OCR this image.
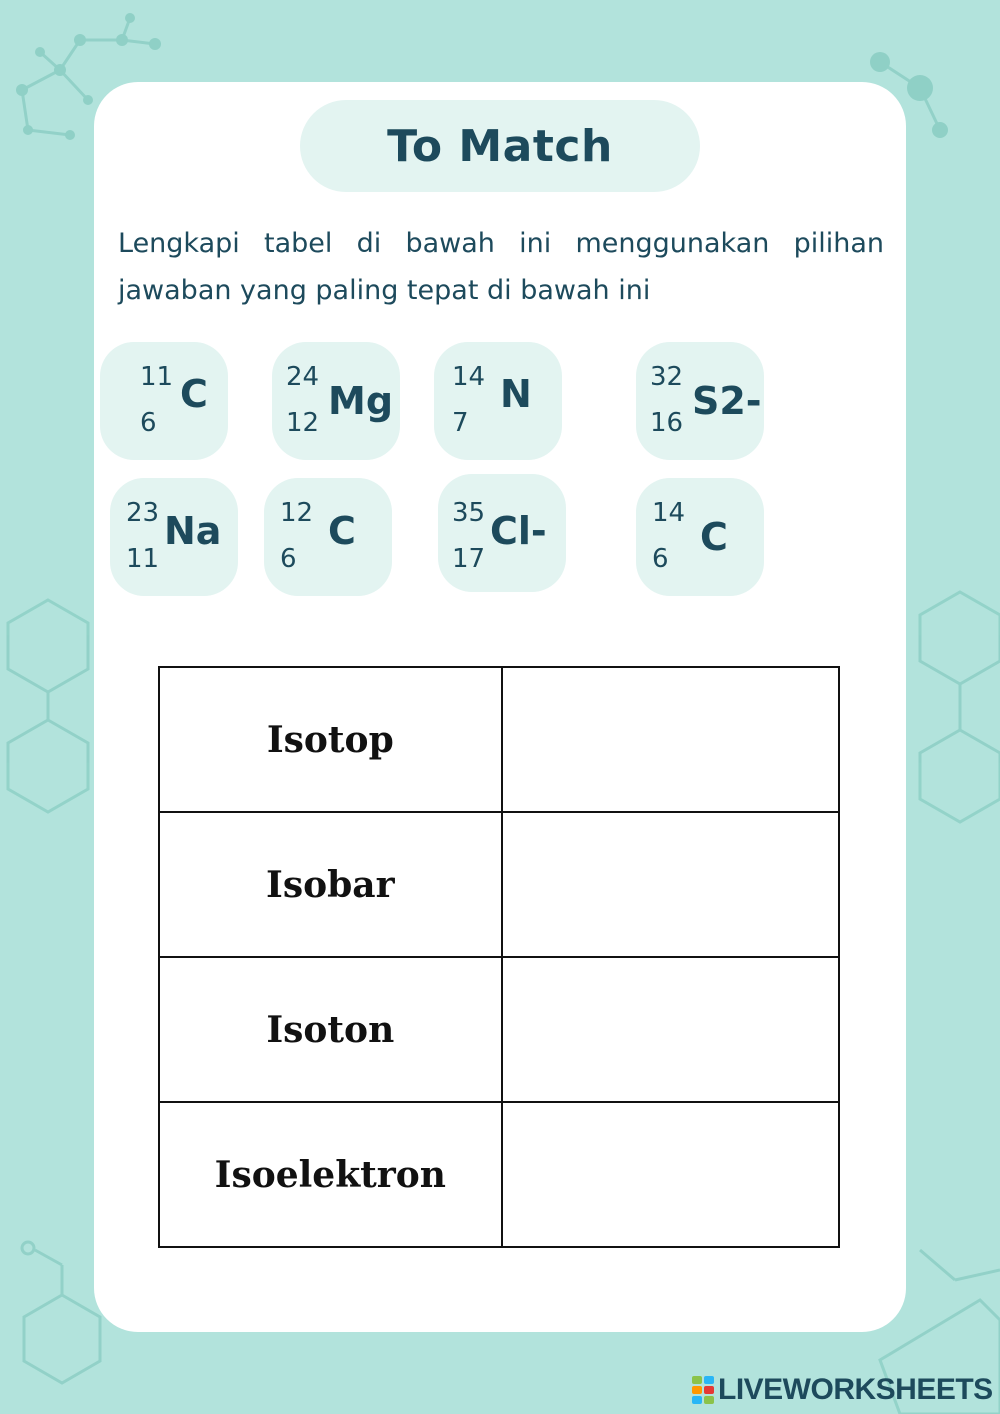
To Match
Lengkapi tabel di bawah ini menggunakan pilihan jawaban yang paling tepat di bawah ini
11
6
C	24
12 Mg
14
7
N	32
16 S2-
23
11
Na 12
6
C	35
17
Cl-	14
6 C
Isotop	
Isobar	
Isoton	
Isoelektron	
LIVEWORKSHEETS
